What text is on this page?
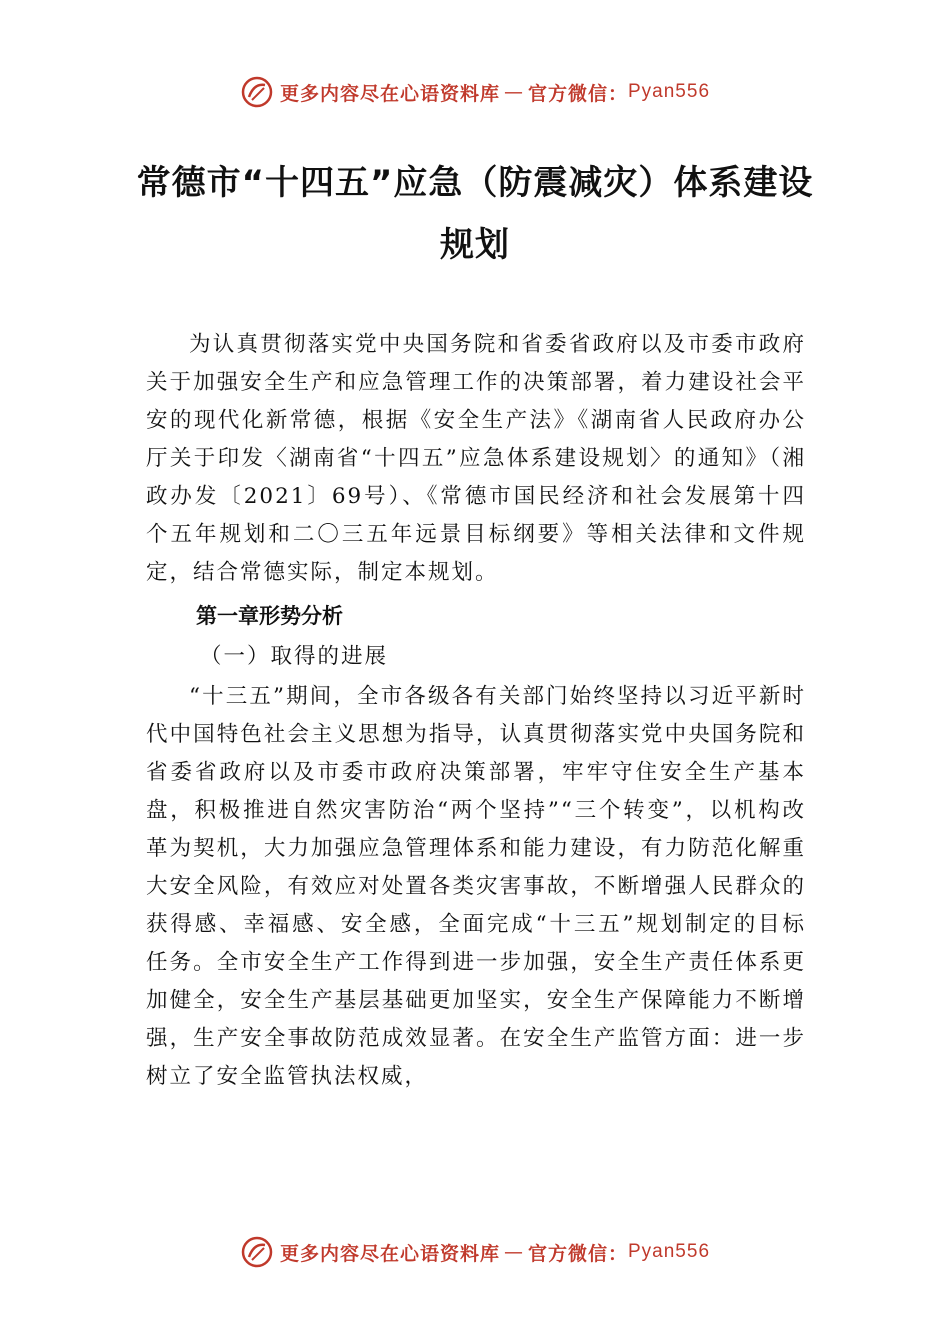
更多内容尽在心语资料库 — 官方微信： Pyan556
常德市“十四五”应急（防震减灾）体系建设规划

为认真贯彻落实党中央国务院和省委省政府以及市委市政府关于加强安全生产和应急管理工作的决策部署，着力建设社会平安的现代化新常德，根据《安全生产法》《湖南省人民政府办公厅关于印发〈湖南省“十四五”应急体系建设规划〉的通知》（湘政办发〔2021〕69号）、《常德市国民经济和社会发展第十四个五年规划和二〇三五年远景目标纲要》等相关法律和文件规定，结合常德实际，制定本规划。

第一章形势分析

（一）取得的进展

“十三五”期间，全市各级各有关部门始终坚持以习近平新时代中国特色社会主义思想为指导，认真贯彻落实党中央国务院和省委省政府以及市委市政府决策部署，牢牢守住安全生产基本盘，积极推进自然灾害防治“两个坚持”“三个转变”，以机构改革为契机，大力加强应急管理体系和能力建设，有力防范化解重大安全风险，有效应对处置各类灾害事故，不断增强人民群众的获得感、幸福感、安全感，全面完成“十三五”规划制定的目标任务。全市安全生产工作得到进一步加强，安全生产责任体系更加健全，安全生产基层基础更加坚实，安全生产保障能力不断增强，生产安全事故防范成效显著。在安全生产监管方面：进一步树立了安全监管执法权威，

更多内容尽在心语资料库 — 官方微信： Pyan556
